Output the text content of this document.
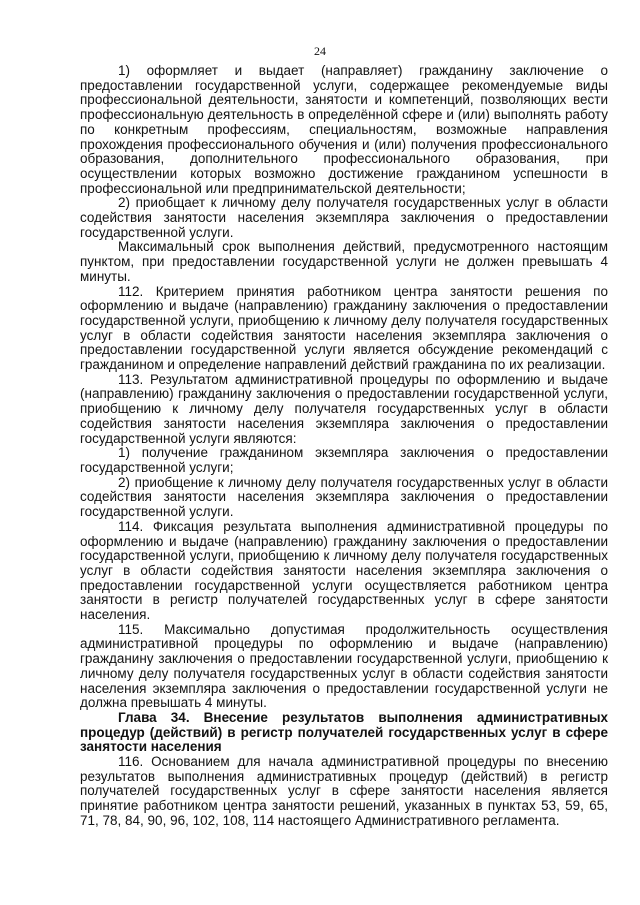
24

1) оформляет и выдает (направляет) гражданину заключение о предоставлении государственной услуги, содержащее рекомендуемые виды профессиональной деятельности, занятости и компетенций, позволяющих вести профессиональную деятельность в определённой сфере и (или) выполнять работу по конкретным профессиям, специальностям, возможные направления прохождения профессионального обучения и (или) получения профессионального образования, дополнительного профессионального образования, при осуществлении которых возможно достижение гражданином успешности в профессиональной или предпринимательской деятельности;

2) приобщает к личному делу получателя государственных услуг в области содействия занятости населения экземпляра заключения о предоставлении государственной услуги.

Максимальный срок выполнения действий, предусмотренного настоящим пунктом, при предоставлении государственной услуги не должен превышать 4 минуты.

112. Критерием принятия работником центра занятости решения по оформлению и выдаче (направлению) гражданину заключения о предоставлении государственной услуги, приобщению к личному делу получателя государственных услуг в области содействия занятости населения экземпляра заключения о предоставлении государственной услуги является обсуждение рекомендаций с гражданином и определение направлений действий гражданина по их реализации.

113. Результатом административной процедуры по оформлению и выдаче (направлению) гражданину заключения о предоставлении государственной услуги, приобщению к личному делу получателя государственных услуг в области содействия занятости населения экземпляра заключения о предоставлении государственной услуги являются:

1) получение гражданином экземпляра заключения о предоставлении государственной услуги;

2) приобщение к личному делу получателя государственных услуг в области содействия занятости населения экземпляра заключения о предоставлении государственной услуги.

114. Фиксация результата выполнения административной процедуры по оформлению и выдаче (направлению) гражданину заключения о предоставлении государственной услуги, приобщению к личному делу получателя государственных услуг в области содействия занятости населения экземпляра заключения о предоставлении государственной услуги осуществляется работником центра занятости в регистр получателей государственных услуг в сфере занятости населения.

115. Максимально допустимая продолжительность осуществления административной процедуры по оформлению и выдаче (направлению) гражданину заключения о предоставлении государственной услуги, приобщению к личному делу получателя государственных услуг в области содействия занятости населения экземпляра заключения о предоставлении государственной услуги не должна превышать 4 минуты.

Глава 34. Внесение результатов выполнения административных процедур (действий) в регистр получателей государственных услуг в сфере занятости населения

116. Основанием для начала административной процедуры по внесению результатов выполнения административных процедур (действий) в регистр получателей государственных услуг в сфере занятости населения является принятие работником центра занятости решений, указанных в пунктах 53, 59, 65, 71, 78, 84, 90, 96, 102, 108, 114 настоящего Административного регламента.
